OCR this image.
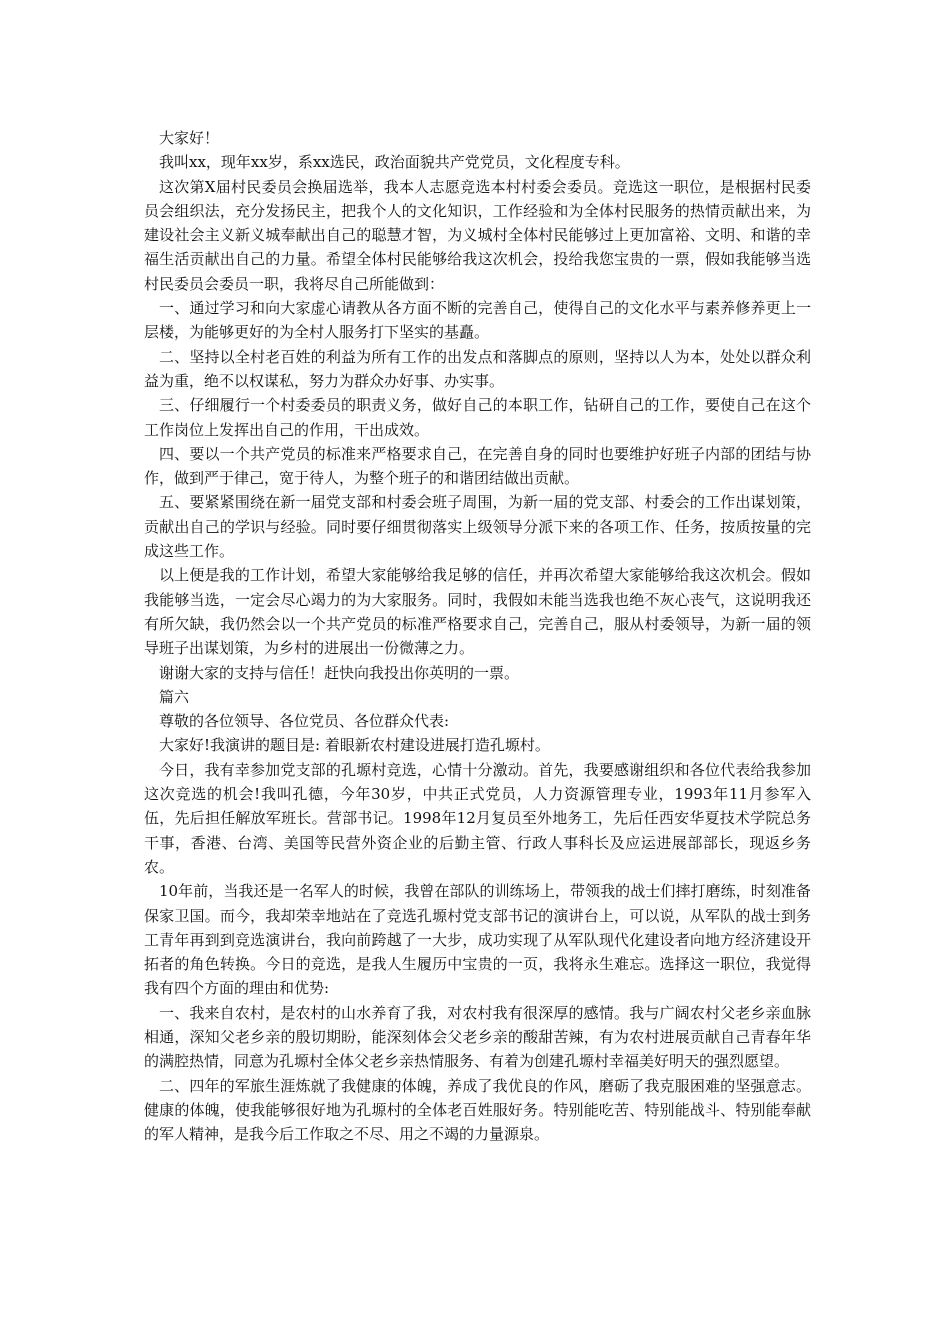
大家好！

我叫xx，现年xx岁，系xx选民，政治面貌共产党党员，文化程度专科。

这次第X届村民委员会换届选举，我本人志愿竞选本村村委会委员。竞选这一职位，是根据村民委员会组织法，充分发扬民主，把我个人的文化知识，工作经验和为全体村民服务的热情贡献出来，为建设社会主义新义城奉献出自己的聪慧才智，为义城村全体村民能够过上更加富裕、文明、和谐的幸福生活贡献出自己的力量。希望全体村民能够给我这次机会，投给我您宝贵的一票，假如我能够当选村民委员会委员一职，我将尽自己所能做到：

一、通过学习和向大家虚心请教从各方面不断的完善自己，使得自己的文化水平与素养修养更上一层楼，为能够更好的为全村人服务打下坚实的基矗。

二、坚持以全村老百姓的利益为所有工作的出发点和落脚点的原则，坚持以人为本，处处以群众利益为重，绝不以权谋私，努力为群众办好事、办实事。

三、仔细履行一个村委委员的职责义务，做好自己的本职工作，钻研自己的工作，要使自己在这个工作岗位上发挥出自己的作用，干出成效。

四、要以一个共产党员的标准来严格要求自己，在完善自身的同时也要维护好班子内部的团结与协作，做到严于律己，宽于待人，为整个班子的和谐团结做出贡献。

五、要紧紧围绕在新一届党支部和村委会班子周围，为新一届的党支部、村委会的工作出谋划策，贡献出自己的学识与经验。同时要仔细贯彻落实上级领导分派下来的各项工作、任务，按质按量的完成这些工作。

以上便是我的工作计划，希望大家能够给我足够的信任，并再次希望大家能够给我这次机会。假如我能够当选，一定会尽心竭力的为大家服务。同时，我假如未能当选我也绝不灰心丧气，这说明我还有所欠缺，我仍然会以一个共产党员的标准严格要求自己，完善自己，服从村委领导，为新一届的领导班子出谋划策，为乡村的进展出一份微薄之力。

谢谢大家的支持与信任！赶快向我投出你英明的一票。

篇六

尊敬的各位领导、各位党员、各位群众代表:

大家好!我演讲的题目是: 着眼新农村建设进展打造孔塬村。

今日，我有幸参加党支部的孔塬村竞选，心情十分激动。首先，我要感谢组织和各位代表给我参加这次竞选的机会!我叫孔德，今年30岁，中共正式党员，人力资源管理专业，1993年11月参军入伍，先后担任解放军班长。营部书记。1998年12月复员至外地务工，先后任西安华夏技术学院总务干事，香港、台湾、美国等民营外资企业的后勤主管、行政人事科长及应运进展部部长，现返乡务农。

10年前，当我还是一名军人的时候，我曾在部队的训练场上，带领我的战士们摔打磨练，时刻准备保家卫国。而今，我却荣幸地站在了竞选孔塬村党支部书记的演讲台上，可以说，从军队的战士到务工青年再到到竞选演讲台，我向前跨越了一大步，成功实现了从军队现代化建设者向地方经济建设开拓者的角色转换。今日的竞选，是我人生履历中宝贵的一页，我将永生难忘。选择这一职位，我觉得我有四个方面的理由和优势:

一、我来自农村，是农村的山水养育了我，对农村我有很深厚的感情。我与广阔农村父老乡亲血脉相通，深知父老乡亲的殷切期盼，能深刻体会父老乡亲的酸甜苦辣，有为农村进展贡献自己青春年华的满腔热情，同意为孔塬村全体父老乡亲热情服务、有着为创建孔塬村幸福美好明天的强烈愿望。

二、四年的军旅生涯炼就了我健康的体魄，养成了我优良的作风，磨砺了我克服困难的坚强意志。健康的体魄，使我能够很好地为孔塬村的全体老百姓服好务。特别能吃苦、特别能战斗、特别能奉献的军人精神，是我今后工作取之不尽、用之不竭的力量源泉。
